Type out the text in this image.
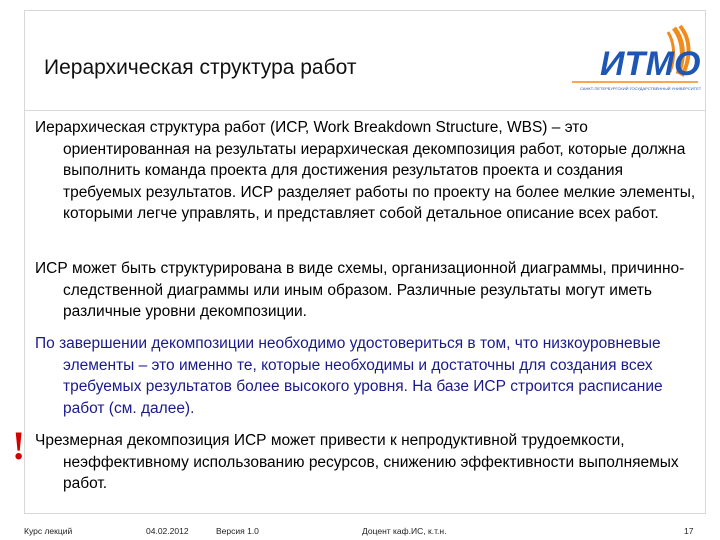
Иерархическая структура работ	ИТМО
САНКТ-ПЕТЕРБУРГСКИЙ ГОСУДАРСТВЕННЫЙ УНИВЕРСИТЕТ ИТМО
Иерархическая структура работ (ИСР, Work Breakdown Structure, WBS) – это ориентированная на результаты иерархическая декомпозиция работ, которые должна выполнить команда проекта для достижения результатов проекта и создания требуемых результатов. ИСР разделяет работы по проекту на более мелкие элементы, которыми легче управлять, и представляет собой детальное описание всех работ.
ИСР может быть структурирована в виде схемы, организационной диаграммы, причинно-следственной диаграммы или иным образом. Различные результаты могут иметь различные уровни декомпозиции.
По завершении декомпозиции необходимо удостовериться в том, что низкоуровневые элементы – это именно те, которые необходимы и достаточны для создания всех требуемых результатов более высокого уровня. На базе ИСР строится расписание работ (см. далее).
! Чрезмерная декомпозиция ИСР может привести к непродуктивной трудоемкости, неэффективному использованию ресурсов, снижению эффективности выполняемых работ.
Курс лекций	04.02.2012	Версия 1.0	Доцент каф.ИС, к.т.н.	17
